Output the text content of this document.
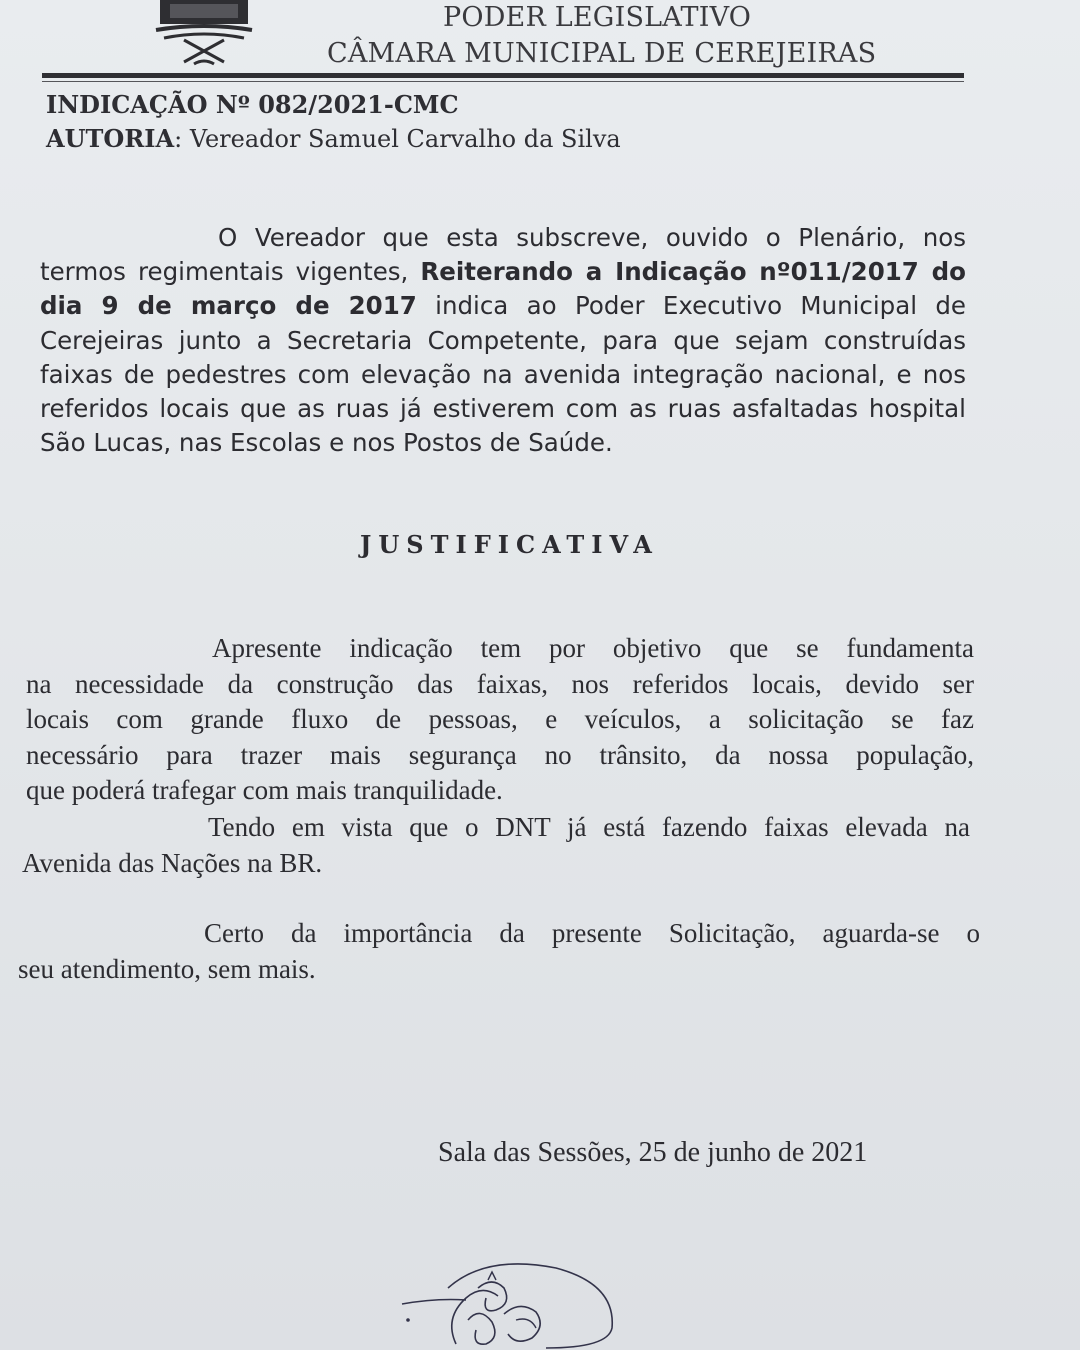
PODER LEGISLATIVO
CÂMARA MUNICIPAL DE CEREJEIRAS
INDICAÇÃO Nº 082/2021-CMC
AUTORIA: Vereador Samuel Carvalho da Silva
O Vereador que esta subscreve, ouvido o Plenário, nos
termos regimentais vigentes, Reiterando a Indicação nº011/2017 do
dia 9 de março de 2017 indica ao Poder Executivo Municipal de
Cerejeiras junto a Secretaria Competente, para que sejam construídas
faixas de pedestres com elevação na avenida integração nacional, e nos
referidos locais que as ruas já estiverem com as ruas asfaltadas hospital
São Lucas, nas Escolas e nos Postos de Saúde.
JUSTIFICATIVA
Apresente indicação tem por objetivo que se fundamenta
na necessidade da construção das faixas, nos referidos locais, devido ser
locais com grande fluxo de pessoas, e veículos, a solicitação se faz
necessário para trazer mais segurança no trânsito, da nossa população,
que poderá trafegar com mais tranquilidade.
Tendo em vista que o DNT já está fazendo faixas elevada na
Avenida das Nações na BR.
Certo da importância da presente Solicitação, aguarda-se o
seu atendimento, sem mais.
Sala das Sessões, 25 de junho de 2021
